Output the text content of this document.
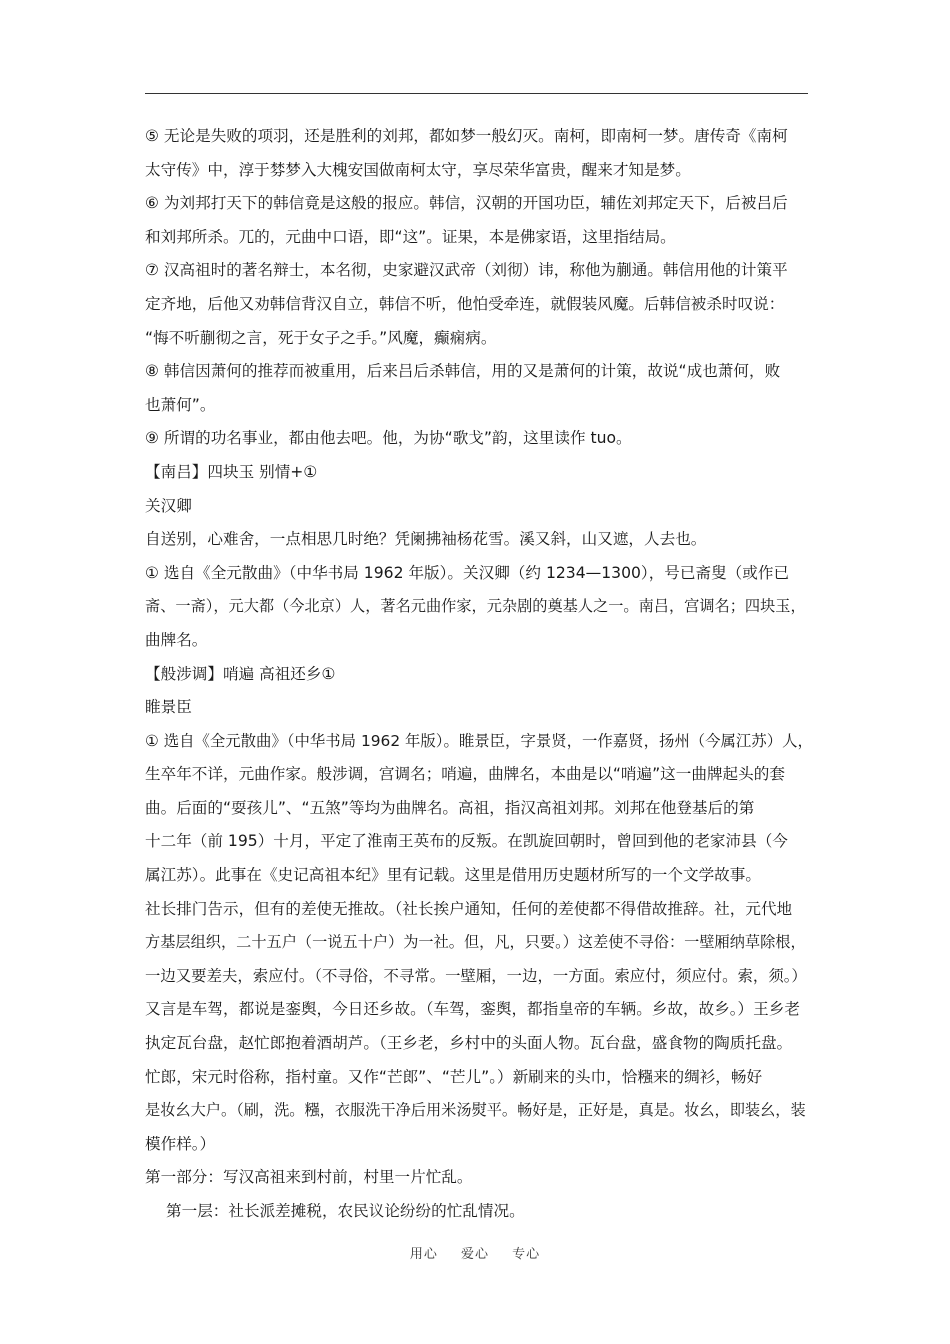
⑤ 无论是失败的项羽，还是胜利的刘邦，都如梦一般幻灭。南柯，即南柯一梦。唐传奇《南柯
太守传》中，淳于棼梦入大槐安国做南柯太守，享尽荣华富贵，醒来才知是梦。
⑥ 为刘邦打天下的韩信竟是这般的报应。韩信，汉朝的开国功臣，辅佐刘邦定天下，后被吕后
和刘邦所杀。兀的，元曲中口语，即“这”。证果，本是佛家语，这里指结局。
⑦ 汉高祖时的著名辩士，本名彻，史家避汉武帝（刘彻）讳，称他为蒯通。韩信用他的计策平
定齐地，后他又劝韩信背汉自立，韩信不听，他怕受牵连，就假装风魔。后韩信被杀时叹说：
“悔不听蒯彻之言，死于女子之手。”风魔，癫痫病。
⑧ 韩信因萧何的推荐而被重用，后来吕后杀韩信，用的又是萧何的计策，故说“成也萧何，败
也萧何”。
⑨ 所谓的功名事业，都由他去吧。他，为协“歌戈”韵，这里读作 tuo。
【南吕】四块玉 别情+①
关汉卿
自送别，心难舍，一点相思几时绝？凭阑拂袖杨花雪。溪又斜，山又遮，人去也。
① 选自《全元散曲》（中华书局 1962 年版）。关汉卿（约 1234—1300），号已斋叟（或作已
斋、一斋），元大都（今北京）人，著名元曲作家，元杂剧的奠基人之一。南吕，宫调名；四块玉，
曲牌名。
【般涉调】哨遍 高祖还乡①
睢景臣
① 选自《全元散曲》（中华书局 1962 年版）。睢景臣，字景贤，一作嘉贤，扬州（今属江苏）人，
生卒年不详，元曲作家。般涉调，宫调名；哨遍，曲牌名，本曲是以“哨遍”这一曲牌起头的套
曲。后面的“耍孩儿”、“五煞”等均为曲牌名。高祖，指汉高祖刘邦。刘邦在他登基后的第
十二年（前 195）十月，平定了淮南王英布的反叛。在凯旋回朝时，曾回到他的老家沛县（今
属江苏）。此事在《史记高祖本纪》里有记载。这里是借用历史题材所写的一个文学故事。
社长排门告示，但有的差使无推故。（社长挨户通知，任何的差使都不得借故推辞。社，元代地
方基层组织，二十五户（一说五十户）为一社。但，凡，只要。）这差使不寻俗：一壁厢纳草除根，
一边又要差夫，索应付。（不寻俗，不寻常。一壁厢，一边，一方面。索应付，须应付。索，须。）
又言是车驾，都说是銮舆，今日还乡故。（车驾，銮舆，都指皇帝的车辆。乡故，故乡。）王乡老
执定瓦台盘，赵忙郎抱着酒胡芦。（王乡老，乡村中的头面人物。瓦台盘，盛食物的陶质托盘。
忙郎，宋元时俗称，指村童。又作“芒郎”、“芒儿”。）新刷来的头巾，恰糨来的绸衫，畅好
是妆幺大户。（刷，洗。糨，衣服洗干净后用米汤熨平。畅好是，正好是，真是。妆幺，即装幺，装
模作样。）
第一部分：写汉高祖来到村前，村里一片忙乱。
第一层：社长派差摊税，农民议论纷纷的忙乱情况。
用心 爱心 专心
